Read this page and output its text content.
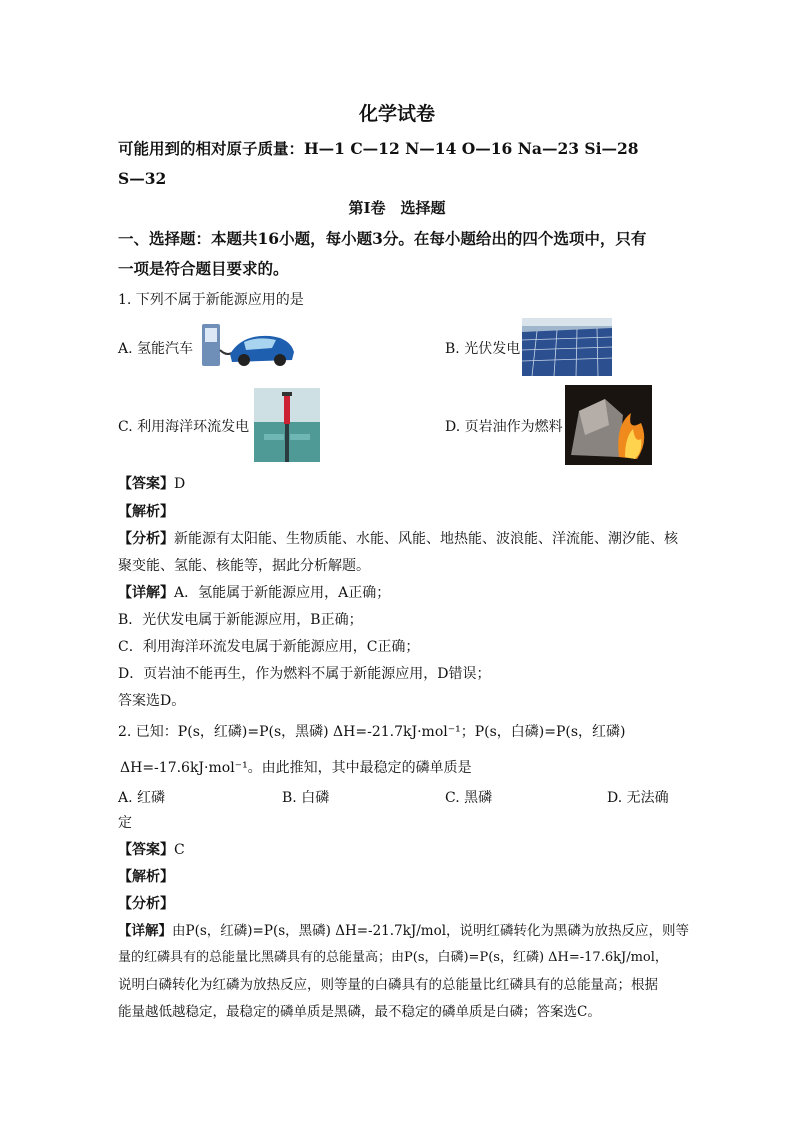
化学试卷
可能用到的相对原子质量：H—1 C—12 N—14 O—16 Na—23 Si—28
S—32
第I卷　选择题
一、选择题：本题共16小题，每小题3分。在每小题给出的四个选项中，只有
一项是符合题目要求的。
1. 下列不属于新能源应用的是
A. 氢能汽车	B. 光伏发电
C. 利用海洋环流发电	D. 页岩油作为燃料
【答案】D
【解析】
【分析】新能源有太阳能、生物质能、水能、风能、地热能、波浪能、洋流能、潮汐能、核
聚变能、氢能、核能等，据此分析解题。
【详解】A．氢能属于新能源应用，A正确；
B．光伏发电属于新能源应用，B正确；
C．利用海洋环流发电属于新能源应用，C正确；
D．页岩油不能再生，作为燃料不属于新能源应用，D错误；
答案选D。
2. 已知：P(s，红磷)=P(s，黑磷) ΔH=-21.7kJ·mol⁻¹；P(s，白磷)=P(s，红磷)
ΔH=-17.6kJ·mol⁻¹。由此推知，其中最稳定的磷单质是
A. 红磷	B. 白磷	C. 黑磷	D. 无法确
定
【答案】C
【解析】
【分析】
【详解】由P(s，红磷)=P(s，黑磷) ΔH=-21.7kJ/mol，说明红磷转化为黑磷为放热反应，则等
量的红磷具有的总能量比黑磷具有的总能量高；由P(s，白磷)=P(s，红磷) ΔH=-17.6kJ/mol，
说明白磷转化为红磷为放热反应，则等量的白磷具有的总能量比红磷具有的总能量高；根据
能量越低越稳定，最稳定的磷单质是黑磷，最不稳定的磷单质是白磷；答案选C。
